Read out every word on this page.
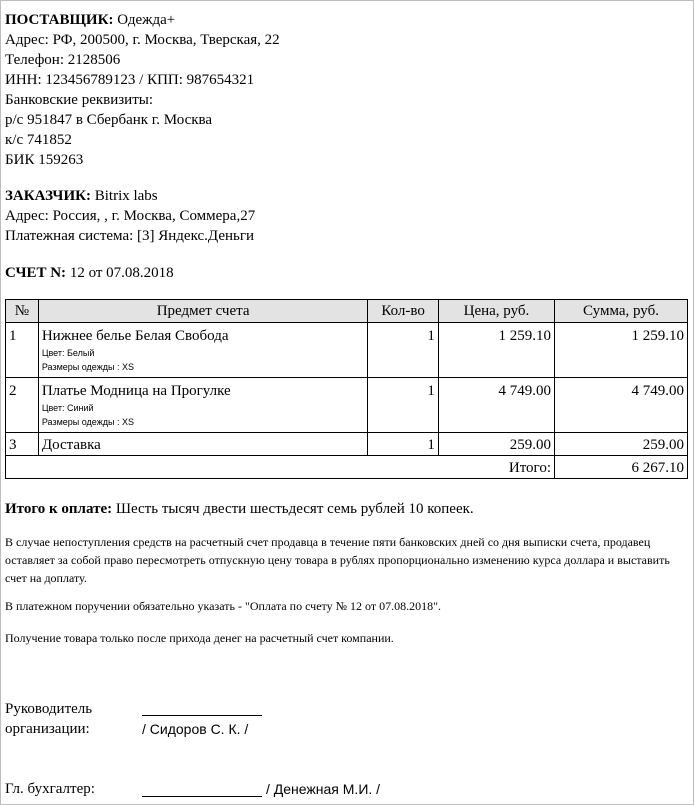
ПОСТАВЩИК: Одежда+
Адрес: РФ, 200500, г. Москва, Тверская, 22
Телефон: 2128506
ИНН: 123456789123 / КПП: 987654321
Банковские реквизиты:
р/с 951847 в Сбербанк г. Москва
к/с 741852
БИК 159263
ЗАКАЗЧИК: Bitrix labs
Адрес: Россия, , г. Москва, Соммера,27
Платежная система: [3] Яндекс.Деньги
СЧЕТ N: 12 от 07.08.2018
№	Предмет счета	Кол-во	Цена, руб.	Сумма, руб.
1	Нижнее белье Белая Свобода
Цвет: Белый
Размеры одежды : XS	1	1 259.10	1 259.10
2	Платье Модница на Прогулке
Цвет: Синий
Размеры одежды : XS	1	4 749.00	4 749.00
3	Доставка	1	259.00	259.00
Итого:				6 267.10
Итого к оплате: Шесть тысяч двести шестьдесят семь рублей 10 копеек.
В случае непоступления средств на расчетный счет продавца в течение пяти банковских дней со дня выписки счета, продавец оставляет за собой право пересмотреть отпускную цену товара в рублях пропорционально изменению курса доллара и выставить счет на доплату.
В платежном поручении обязательно указать - "Оплата по счету № 12 от 07.08.2018".
Получение товара только после прихода денег на расчетный счет компании.
Руководитель
организации:	/ Сидоров С. К. /
Гл. бухгалтер:	/ Денежная М.И. /
